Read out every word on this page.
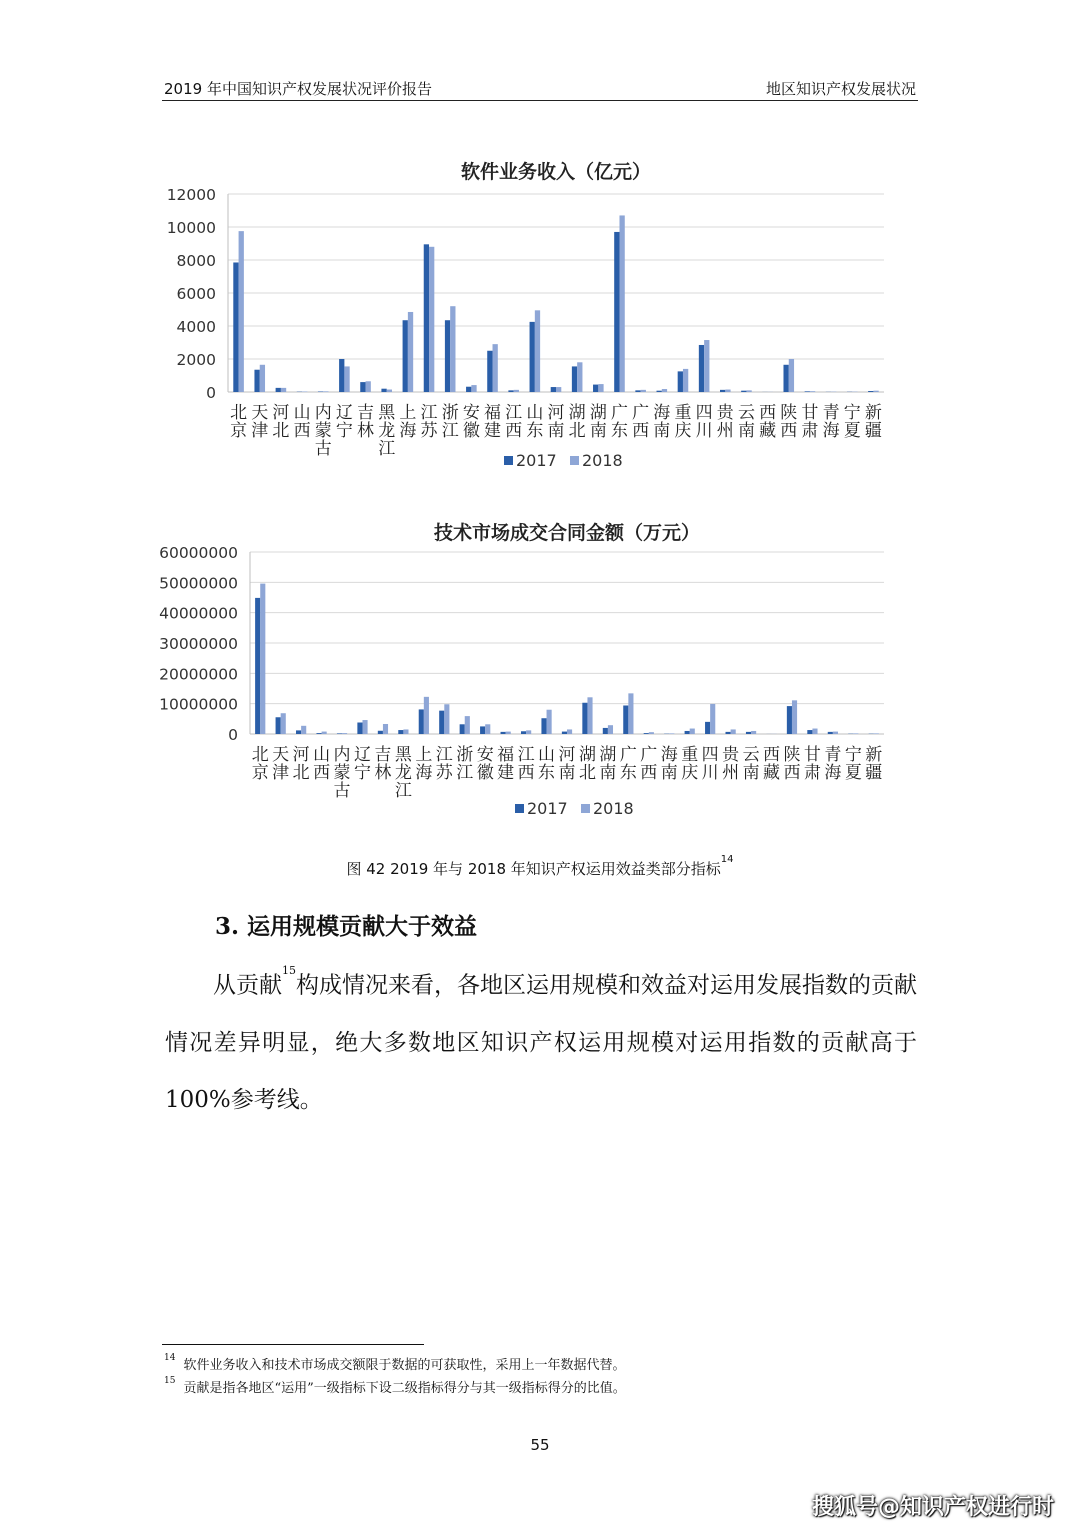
2019 年中国知识产权发展状况评价报告	地区知识产权发展状况
软件业务收入（亿元）
0
2000
4000
6000
8000
10000
12000
北
京
天
津
河
北
山
西
内
蒙
古
辽
宁
吉
林
黑
龙
江
上
海
江
苏
浙
江
安
徽
福
建
江
西
山
东
河
南
湖
北
湖
南
广
东
广
西
海
南
重
庆
四
川
贵
州
云
南
西
藏
陕
西
甘
肃
青
海
宁
夏
新
疆
2017 2018
技术市场成交合同金额（万元）
0
10000000
20000000
30000000
40000000
50000000
60000000
北
京
天
津
河
北
山
西
内
蒙
古
辽
宁
吉
林
黑
龙
江
上
海
江
苏
浙
江
安
徽
福
建
江
西
山
东
河
南
湖
北
湖
南
广
东
广
西
海
南
重
庆
四
川
贵
州
云
南
西
藏
陕
西
甘
肃
青
海
宁
夏
新
疆
2017 2018
图 42 2019 年与 2018 年知识产权运用效益类部分指标$^{14}$
3. 运用规模贡献大于效益

从贡献$^{15}$构成情况来看，各地区运用规模和效益对运用发展指数的贡献情况差异明显，绝大多数地区知识产权运用规模对运用指数的贡献高于 100%参考线。

$^{14}$软件业务收入和技术市场成交额限于数据的可获取性，采用上一年数据代替。
$^{15}$贡献是指各地区“运用”一级指标下设二级指标得分与其一级指标得分的比值。
55
搜狐号@知识产权进行时
